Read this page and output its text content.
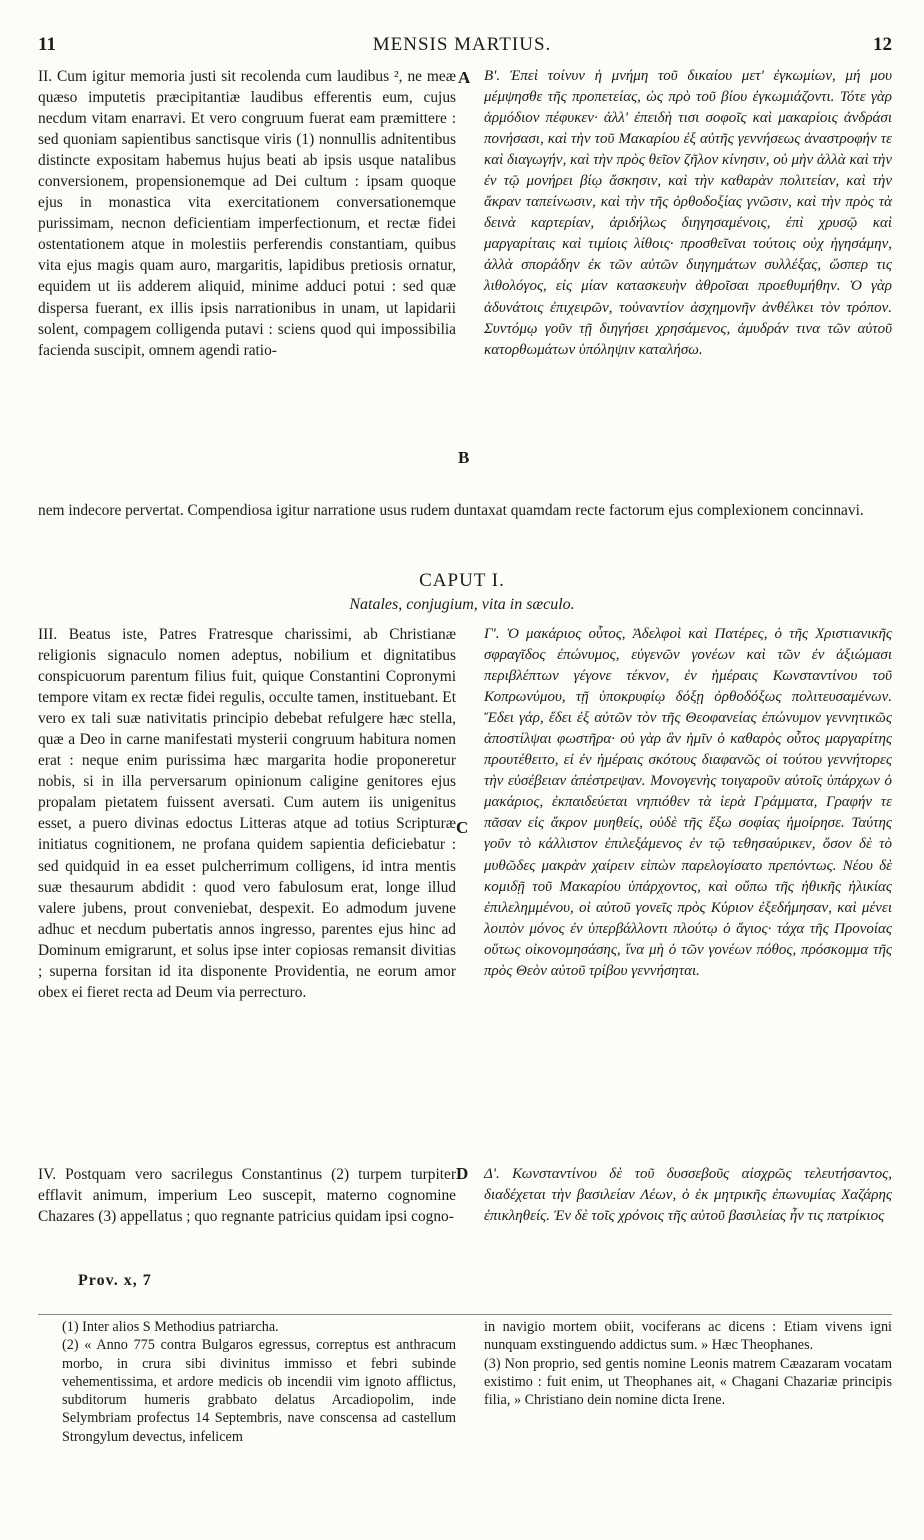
11	MENSIS MARTIUS.	12

II. Cum igitur memoria justi sit recolenda cum laudibus ², ne meæ quæso imputetis præcipitantiæ laudibus efferentis eum, cujus necdum vitam enarravi. Et vero congruum fuerat eam præmittere : sed quoniam sapientibus sanctisque viris (1) nonnullis adnitentibus distincte expositam habemus hujus beati ab ipsis usque natalibus conversionem, propensionemque ad Dei cultum : ipsam quoque ejus in monastica vita exercitationem conversationemque purissimam, necnon deficientiam imperfectionum, et rectæ fidei ostentationem atque in molestiis perferendis constantiam, quibus vita ejus magis quam auro, margaritis, lapidibus pretiosis ornatur, equidem ut iis adderem aliquid, minime adduci potui : sed quæ dispersa fuerant, ex illis ipsis narrationibus in unam, ut lapidarii solent, compagem colligenda putavi : sciens quod qui impossibilia facienda suscipit, omnem agendi ratio-

Β'. Ἐπεὶ τοίνυν ἡ μνήμη τοῦ δικαίου μετ' ἐγκωμίων, μή μου μέμψησθε τῆς προπετείας, ὡς πρὸ τοῦ βίου ἐγκωμιάζοντι. Τότε γὰρ ἁρμόδιον πέφυκεν· ἀλλ' ἐπειδὴ τισι σοφοῖς καὶ μακαρίοις ἀνδράσι πονήσασι, καὶ τὴν τοῦ Μακαρίου ἐξ αὐτῆς γεννήσεως ἀναστροφήν τε καὶ διαγωγήν, καὶ τὴν πρὸς θεῖον ζῆλον κίνησιν, οὐ μὴν ἀλλὰ καὶ τὴν ἐν τῷ μονήρει βίῳ ἄσκησιν, καὶ τὴν καθαρὰν πολιτείαν, καὶ τὴν ἄκραν ταπείνωσιν, καὶ τὴν τῆς ὀρθοδοξίας γνῶσιν, καὶ τὴν πρὸς τὰ δεινὰ καρτερίαν, ἀριδήλως διηγησαμένοις, ἐπὶ χρυσῷ καὶ μαργαρίταις καὶ τιμίοις λίθοις· προσθεῖναι τούτοις οὐχ ἡγησάμην, ἀλλὰ σποράδην ἐκ τῶν αὐτῶν διηγημάτων συλλέξας, ὥσπερ τις λιθολόγος, εἰς μίαν κατασκευὴν ἀθροῖσαι προεθυμήθην. Ὁ γὰρ ἀδυνάτοις ἐπιχειρῶν, τοὐναντίον ἀσχημονῆν ἀνθέλκει τὸν τρόπον. Συντόμῳ γοῦν τῇ διηγήσει χρησάμενος, ἀμυδράν τινα τῶν αὐτοῦ κατορθωμάτων ὑπόληψιν καταλήσω.

A
B

nem indecore pervertat. Compendiosa igitur narratione usus rudem duntaxat quamdam recte factorum ejus complexionem concinnavi.

CAPUT I.
Natales, conjugium, vita in sæculo.

III. Beatus iste, Patres Fratresque charissimi, ab Christianæ religionis signaculo nomen adeptus, nobilium et dignitatibus conspicuorum parentum filius fuit, quique Constantini Copronymi tempore vitam ex rectæ fidei regulis, occulte tamen, instituebant. Et vero ex tali suæ nativitatis principio debebat refulgere hæc stella, quæ a Deo in carne manifestati mysterii congruum habitura nomen erat : neque enim purissima hæc margarita hodie proponeretur nobis, si in illa perversarum opinionum caligine genitores ejus propalam pietatem fuissent aversati. Cum autem iis unigenitus esset, a puero divinas edoctus Litteras atque ad totius Scripturæ initiatus cognitionem, ne profana quidem sapientia deficiebatur : sed quidquid in ea esset pulcherrimum colligens, id intra mentis suæ thesaurum abdidit : quod vero fabulosum erat, longe illud valere jubens, prout conveniebat, despexit. Eo admodum juvene adhuc et necdum pubertatis annos ingresso, parentes ejus hinc ad Dominum emigrarunt, et solus ipse inter copiosas remansit divitias ; superna forsitan id ita disponente Providentia, ne eorum amor obex ei fieret recta ad Deum via perrecturo.

Γ'. Ὁ μακάριος οὗτος, Ἀδελφοὶ καὶ Πατέρες, ὁ τῆς Χριστιανικῆς σφραγῖδος ἐπώνυμος, εὐγενῶν γονέων καὶ τῶν ἐν ἀξιώμασι περιβλέπτων γέγονε τέκνον, ἐν ἡμέραις Κωνσταντίνου τοῦ Κοπρωνύμου, τῇ ὑποκρυφίῳ δόξῃ ὀρθοδόξως πολιτευσαμένων. Ἔδει γάρ, ἔδει ἐξ αὐτῶν τὸν τῆς Θεοφανείας ἐπώνυμον γεννητικῶς ἀποστίλψαι φωστῆρα· οὐ γὰρ ἂν ἡμῖν ὁ καθαρὸς οὗτος μαργαρίτης προυτέθειτο, εἰ ἐν ἡμέραις σκότους διαφανῶς οἱ τούτου γεννήτορες τὴν εὐσέβειαν ἀπέστρεψαν. Μονογενὴς τοιγαροῦν αὐτοῖς ὑπάρχων ὁ μακάριος, ἐκπαιδεύεται νηπιόθεν τὰ ἱερὰ Γράμματα, Γραφήν τε πᾶσαν εἰς ἄκρον μυηθείς, οὐδὲ τῆς ἔξω σοφίας ἠμοίρησε. Ταύτης γοῦν τὸ κάλλιστον ἐπιλεξάμενος ἐν τῷ τεθησαύρικεν, ὅσον δὲ τὸ μυθῶδες μακρὰν χαίρειν εἰπὼν παρελογίσατο πρεπόντως. Νέου δὲ κομιδῇ τοῦ Μακαρίου ὑπάρχοντος, καὶ οὔπω τῆς ἠθικῆς ἡλικίας ἐπιλελημμένου, οἱ αὐτοῦ γονεῖς πρὸς Κύριον ἐξεδήμησαν, καὶ μένει λοιπὸν μόνος ἐν ὑπερβάλλοντι πλούτῳ ὁ ἅγιος· τάχα τῆς Προνοίας οὕτως οἰκονομησάσης, ἵνα μὴ ὁ τῶν γονέων πόθος, πρόσκομμα τῆς πρὸς Θεὸν αὐτοῦ τρίβου γεννήσηται.

C

IV. Postquam vero sacrilegus Constantinus (2) turpem turpiter efflavit animum, imperium Leo suscepit, materno cognomine Chazares (3) appellatus ; quo regnante patricius quidam ipsi cogno-

Δ'. Κωνσταντίνου δὲ τοῦ δυσσεβοῦς αἰσχρῶς τελευτήσαντος, διαδέχεται τὴν βασιλείαν Λέων, ὁ ἐκ μητρικῆς ἐπωνυμίας Χαζάρης ἐπικληθείς. Ἐν δὲ τοῖς χρόνοις τῆς αὐτοῦ βασιλείας ἦν τις πατρίκιος

D
Prov. x, 7

(1) Inter alios S Methodius patriarcha.

(2) « Anno 775 contra Bulgaros egressus, correptus est anthracum morbo, in crura sibi divinitus immisso et febri subinde vehementissima, et ardore medicis ob incendii vim ignoto afflictus, subditorum humeris grabbato delatus Arcadiopolim, inde Selymbriam profectus 14 Septembris, nave conscensa ad castellum Strongylum devectus, infelicem

in navigio mortem obiit, vociferans ac dicens : Etiam vivens igni nunquam exstinguendo addictus sum. » Hæc Theophanes.

(3) Non proprio, sed gentis nomine Leonis matrem Cæazaram vocatam existimo : fuit enim, ut Theophanes ait, « Chagani Chazariæ principis filia, » Christiano dein nomine dicta Irene.
